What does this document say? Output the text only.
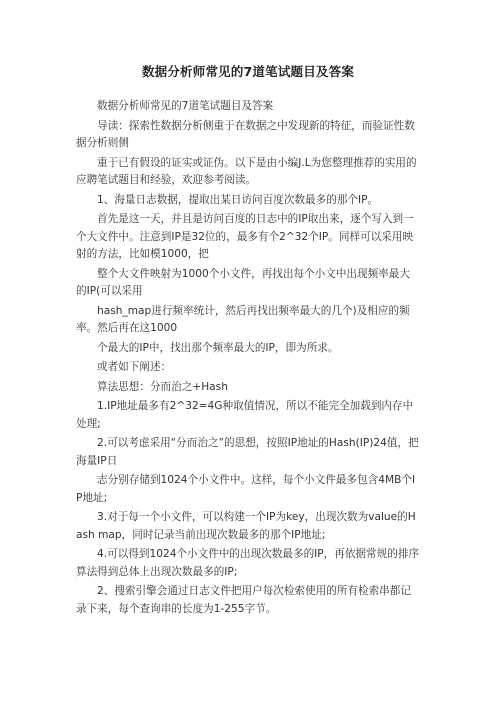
数据分析师常见的7道笔试题目及答案

数据分析师常见的7道笔试题目及答案

导读：探索性数据分析侧重于在数据之中发现新的特征，而验证性数据分析则侧

重于已有假设的证实或证伪。以下是由小编J.L为您整理推荐的实用的应聘笔试题目和经验，欢迎参考阅读。

1、海量日志数据，提取出某日访问百度次数最多的那个IP。

首先是这一天，并且是访问百度的日志中的IP取出来，逐个写入到一个大文件中。注意到IP是32位的，最多有个2^32个IP。同样可以采用映射的方法，比如模1000，把

整个大文件映射为1000个小文件，再找出每个小文中出现频率最大的IP(可以采用

hash_map进行频率统计，然后再找出频率最大的几个)及相应的频率。然后再在这1000

个最大的IP中，找出那个频率最大的IP，即为所求。

或者如下阐述：

算法思想：分而治之+Hash

1.IP地址最多有2^32=4G种取值情况，所以不能完全加载到内存中处理;

2.可以考虑采用“分而治之”的思想，按照IP地址的Hash(IP)24值，把海量IP日

志分别存储到1024个小文件中。这样，每个小文件最多包含4MB个IP地址;

3.对于每一个小文件，可以构建一个IP为key，出现次数为value的Hash map，同时记录当前出现次数最多的那个IP地址;

4.可以得到1024个小文件中的出现次数最多的IP，再依据常规的排序算法得到总体上出现次数最多的IP;

2、搜索引擎会通过日志文件把用户每次检索使用的所有检索串都记录下来，每个查询串的长度为1-255字节。
